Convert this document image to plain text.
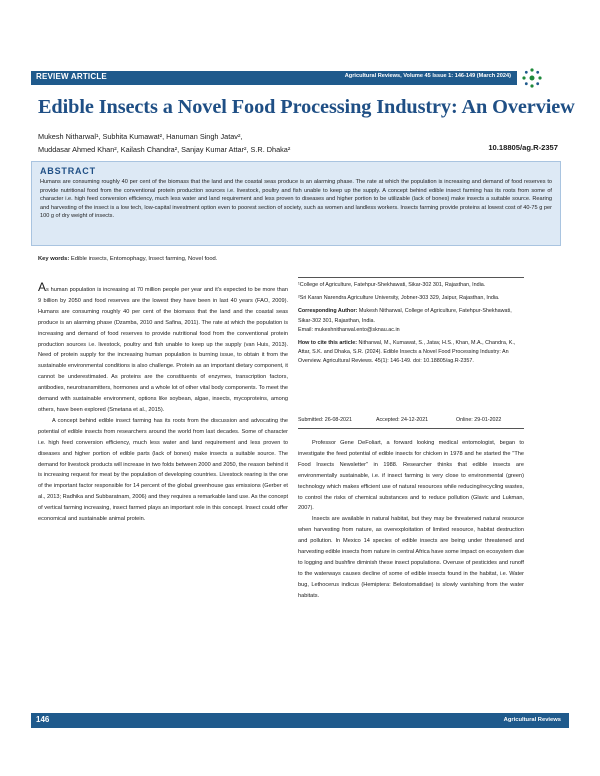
REVIEW ARTICLE	Agricultural Reviews, Volume 45 Issue 1: 146-149 (March 2024)
Edible Insects a Novel Food Processing Industry: An Overview
Mukesh Nitharwal¹, Subhita Kumawat², Hanuman Singh Jatav²,
Muddasar Ahmed Khan², Kailash Chandra², Sanjay Kumar Attar², S.R. Dhaka²	10.18805/ag.R-2357
ABSTRACT

Humans are consuming roughly 40 per cent of the biomass that the land and the coastal seas produce is an alarming phase. The rate at which the population is increasing and demand of food reserves to provide nutritional food from the conventional protein production sources i.e. livestock, poultry and fish unable to keep up the supply. A concept behind edible insect farming has its roots from some of character i.e. high feed conversion efficiency, much less water and land requirement and less proven to diseases and higher portion to be utilizable (lack of bones) make insects a suitable source. Rearing and harvesting of the insect is a low tech, low-capital investment option even to poorest section of society, such as women and landless workers. Insects farming provide proteins at lowest cost of 40-75 g per 100 g of dry weight of insects.

Key words: Edible insects, Entomophagy, Insect farming, Novel food.

As human population is increasing at 70 million people per year and it's expected to be more than 9 billion by 2050 and food reserves are the lowest they have been in last 40 years (FAO, 2009). Humans are consuming roughly 40 per cent of the biomass that the land and the coastal seas produce is an alarming phase (Dzamba, 2010 and Safina, 2011). The rate at which the population is increasing and demand of food reserves to provide nutritional food from the conventional protein production sources i.e. livestock, poultry and fish unable to keep up the supply (van Huis, 2013). Need of protein supply for the increasing human population is burning issue, to obtain it from the sustainable environmental conditions is also challenge. Protein as an important dietary component, it cannot be underestimated. As proteins are the constituents of enzymes, transcription factors, antibodies, neurotransmitters, hormones and a whole lot of other vital body components. To meet the demand with sustainable environment, options like soybean, algae, insects, mycoproteins, among others, have been explored (Smetana et al., 2015).

A concept behind edible insect farming has its roots from the discussion and advocating the potential of edible insects from researchers around the world from last decades. Some of character i.e. high feed conversion efficiency, much less water and land requirement and less proven to diseases and higher portion of edible parts (lack of bones) make insects a suitable source. The demand for livestock products will increase in two folds between 2000 and 2050, the reason behind it is increasing request for meat by the population of developing countries. Livestock rearing is the one of the important factor responsible for 14 percent of the global greenhouse gas emissions (Gerber et al., 2013; Radhika and Subbaratnam, 2006) and they requires a remarkable land use. As the concept of vertical farming increasing, insect farmed plays an important role in this concept. Insect could offer economical and sustainable animal protein.

¹College of Agriculture, Fatehpur-Shekhawati, Sikar-302 301, Rajasthan, India.

²Sri Karan Narendra Agriculture University, Jobner-303 329, Jaipur, Rajasthan, India.

Corresponding Author: Mukesh Nitharwal, College of Agriculture, Fatehpur-Shekhawati, Sikar-302 301, Rajasthan, India.
Email: mukeshnitharwal.ento@sknau.ac.in

How to cite this article: Nitharwal, M., Kumawat, S., Jatav, H.S., Khan, M.A., Chandra, K., Attar, S.K. and Dhaka, S.R. (2024). Edible Insects a Novel Food Processing Industry: An Overview. Agricultural Reviews. 45(1): 146-149. doi: 10.18805/ag.R-2357.

Submitted: 26-08-2021	Accepted: 24-12-2021	Online: 29-01-2022

Professor Gene DeFoliart, a forward looking medical entomologist, began to investigate the feed potential of edible insects for chicken in 1978 and he started the "The Food Insects Newsletter" in 1988. Researcher thinks that edible insects are environmentally sustainable, i.e. if insect farming is very close to environmental (green) technology which makes efficient use of natural resources while reducing/recycling wastes, to control the risks of chemical substances and to reduce pollution (Glavic and Lukman, 2007).

Insects are available in natural habitat, but they may be threatened natural resource when harvesting from nature, as overexploitation of limited resource, habitat destruction and pollution. In Mexico 14 species of edible insects are being under threatened and harvesting edible insects from nature in central Africa have some impact on ecosystem due to logging and bushfire diminish these insect populations. Overuse of pesticides and runoff to the waterways causes decline of some of edible insects found in the habitat, i.e. Water bug, Lethocerus indicus (Hemiptera: Belostomatidae) is slowly vanishing from the water habitats.

146	Agricultural Reviews
